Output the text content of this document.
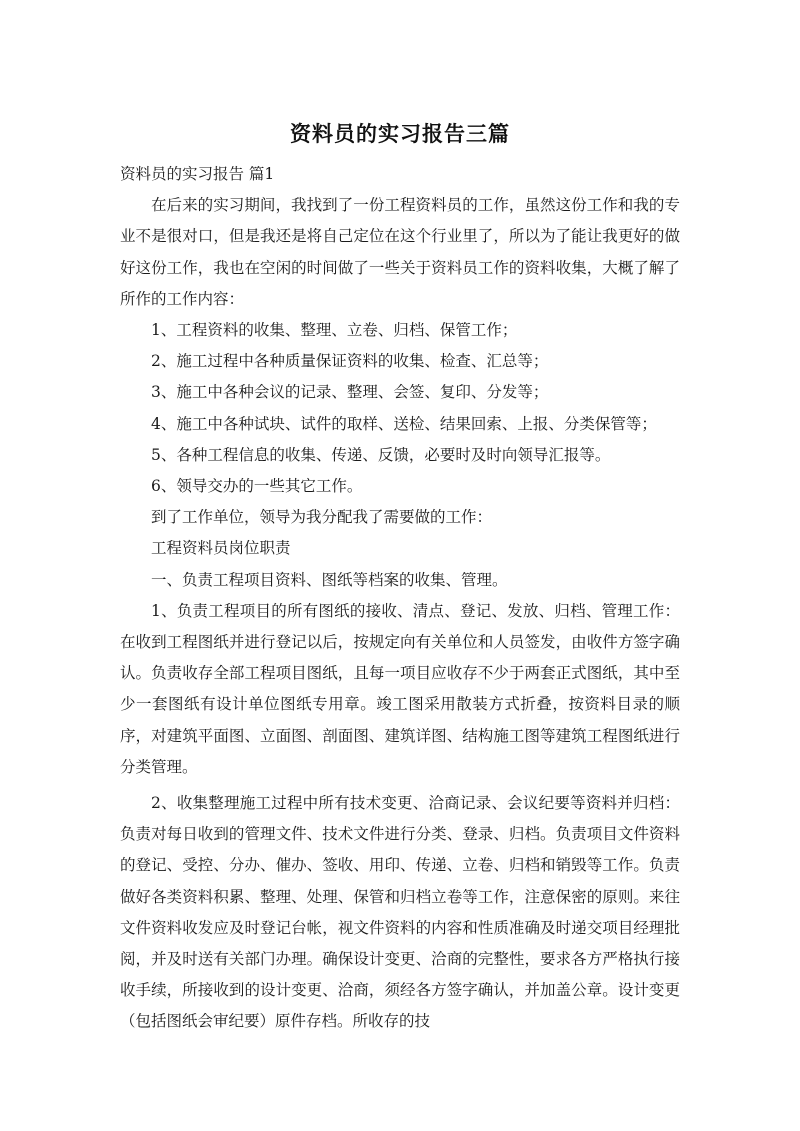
资料员的实习报告三篇

资料员的实习报告 篇1

在后来的实习期间，我找到了一份工程资料员的工作，虽然这份工作和我的专业不是很对口，但是我还是将自己定位在这个行业里了，所以为了能让我更好的做好这份工作，我也在空闲的时间做了一些关于资料员工作的资料收集，大概了解了所作的工作内容：

1、工程资料的收集、整理、立卷、归档、保管工作；

2、施工过程中各种质量保证资料的收集、检查、汇总等；

3、施工中各种会议的记录、整理、会签、复印、分发等；

4、施工中各种试块、试件的取样、送检、结果回索、上报、分类保管等；

5、各种工程信息的收集、传递、反馈，必要时及时向领导汇报等。

6、领导交办的一些其它工作。

到了工作单位，领导为我分配我了需要做的工作：

工程资料员岗位职责

一、负责工程项目资料、图纸等档案的收集、管理。

1、负责工程项目的所有图纸的接收、清点、登记、发放、归档、管理工作：在收到工程图纸并进行登记以后，按规定向有关单位和人员签发，由收件方签字确认。负责收存全部工程项目图纸，且每一项目应收存不少于两套正式图纸，其中至少一套图纸有设计单位图纸专用章。竣工图采用散装方式折叠，按资料目录的顺序，对建筑平面图、立面图、剖面图、建筑详图、结构施工图等建筑工程图纸进行分类管理。

2、收集整理施工过程中所有技术变更、洽商记录、会议纪要等资料并归档：负责对每日收到的管理文件、技术文件进行分类、登录、归档。负责项目文件资料的登记、受控、分办、催办、签收、用印、传递、立卷、归档和销毁等工作。负责做好各类资料积累、整理、处理、保管和归档立卷等工作，注意保密的原则。来往文件资料收发应及时登记台帐，视文件资料的内容和性质准确及时递交项目经理批阅，并及时送有关部门办理。确保设计变更、洽商的完整性，要求各方严格执行接收手续，所接收到的设计变更、洽商，须经各方签字确认，并加盖公章。设计变更（包括图纸会审纪要）原件存档。所收存的技
